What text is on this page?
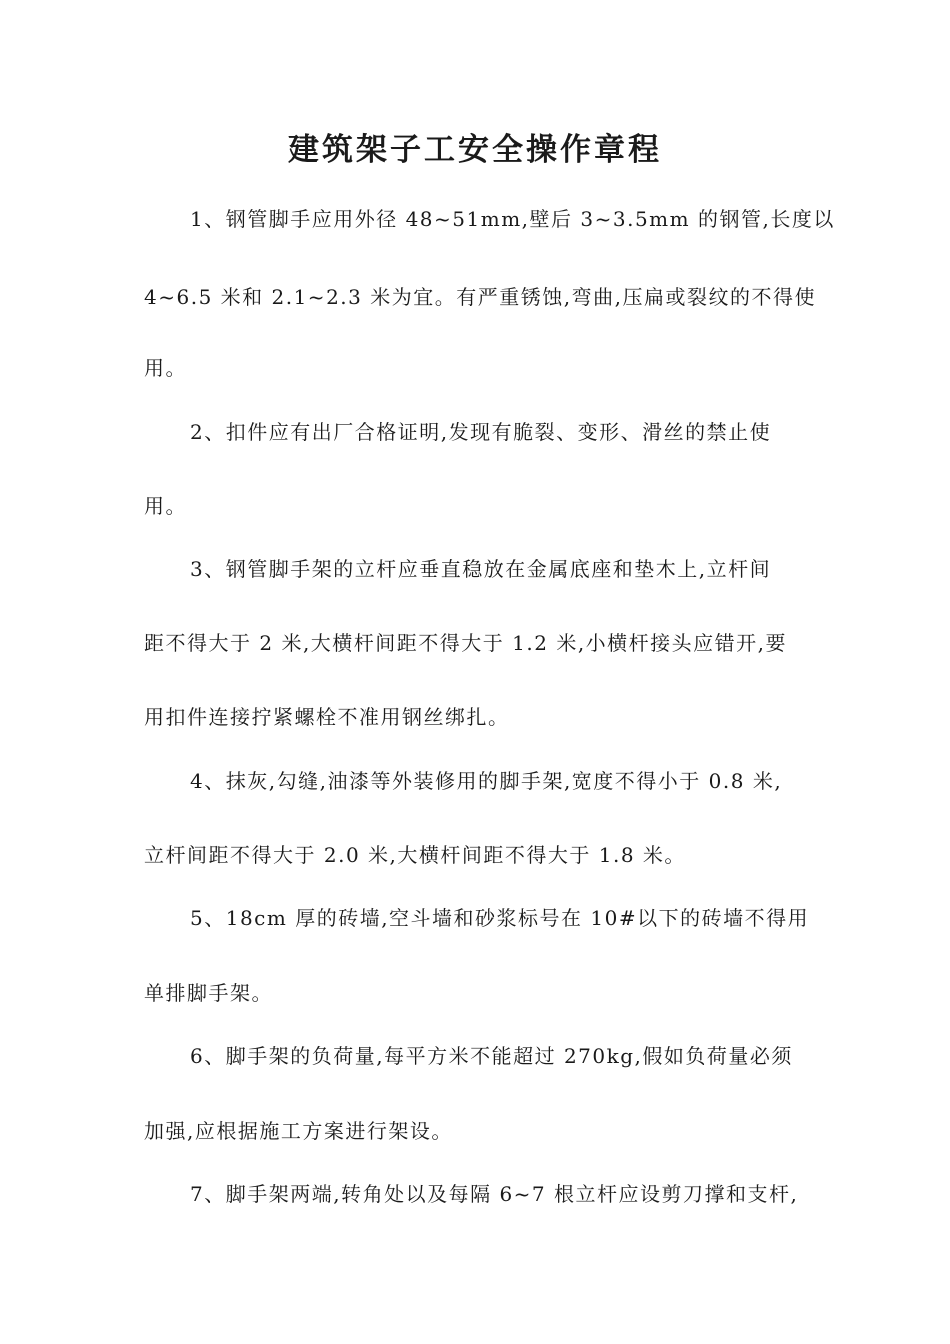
建筑架子工安全操作章程
1、钢管脚手应用外径 48~51mm,壁后 3~3.5mm 的钢管,长度以
4~6.5 米和 2.1~2.3 米为宜。有严重锈蚀,弯曲,压扁或裂纹的不得使
用。
2、扣件应有出厂合格证明,发现有脆裂、变形、滑丝的禁止使
用。
3、钢管脚手架的立杆应垂直稳放在金属底座和垫木上,立杆间
距不得大于 2 米,大横杆间距不得大于 1.2 米,小横杆接头应错开,要
用扣件连接拧紧螺栓不准用钢丝绑扎。
4、抹灰,勾缝,油漆等外装修用的脚手架,宽度不得小于 0.8 米,
立杆间距不得大于 2.0 米,大横杆间距不得大于 1.8 米。
5、18cm 厚的砖墙,空斗墙和砂浆标号在 10#以下的砖墙不得用
单排脚手架。
6、脚手架的负荷量,每平方米不能超过 270kg,假如负荷量必须
加强,应根据施工方案进行架设。
7、脚手架两端,转角处以及每隔 6~7 根立杆应设剪刀撑和支杆,
